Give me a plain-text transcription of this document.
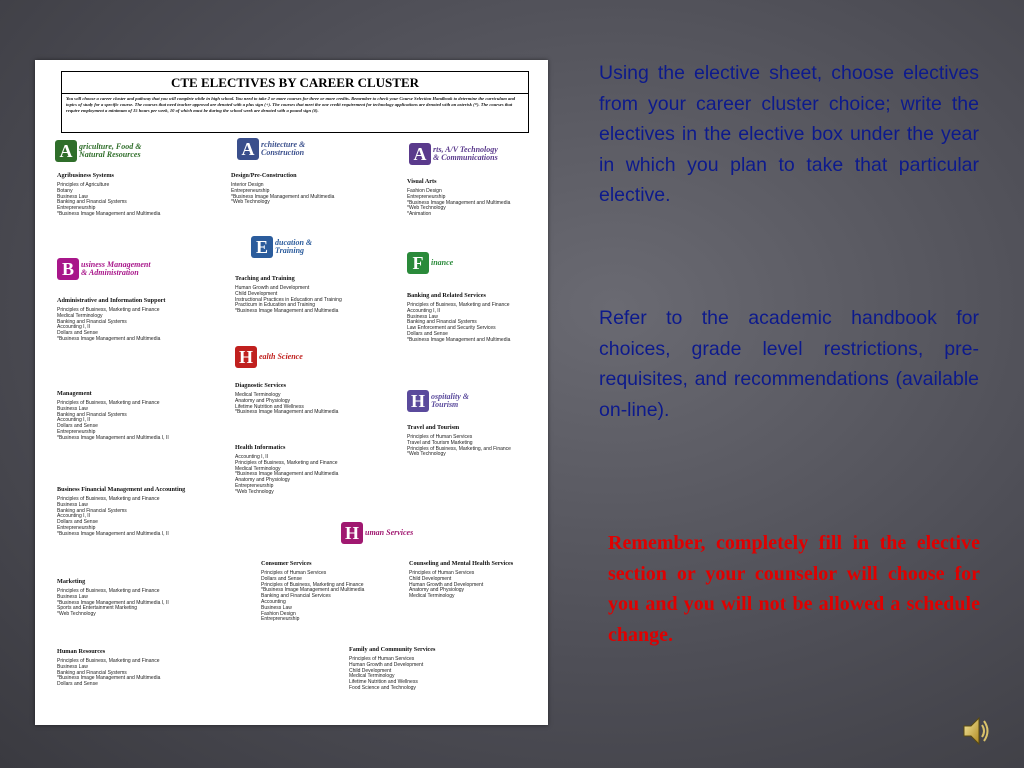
CTE ELECTIVES BY CAREER CLUSTER
You will choose a career cluster and pathway that you will complete while in high school. You need to take 2 or more courses for three or more credits. Remember to check your Course Selection Handbook to determine the curriculum and topics of study for a specific course. The courses that need teacher approval are denoted with a plus sign (+). The courses that meet the one credit requirement for technology applications are denoted with an asterisk (*). The courses that require employment a minimum of 15 hours per week, 10 of which must be during the school week are denoted with a pound sign (#).
A griculture, Food &
Natural Resources	A rchitecture &
Construction	A rts, A/V Technology
& Communications
B usiness Management
& Administration
E ducation &
Training
F inance

H ealth Science

H ospitality &
Tourism
H uman Services

Agribusiness Systems
Principles of Agriculture
Botany
Business Law
Banking and Financial Systems
Entrepreneurship
*Business Image Management and Multimedia
Design/Pre-Construction
Interior Design
Entrepreneurship
*Business Image Management and Multimedia
*Web Technology
Visual Arts
Fashion Design
Entrepreneurship
*Business Image Management and Multimedia
*Web Technology
*Animation
Administrative and Information Support
Principles of Business, Marketing and Finance
Medical Terminology
Banking and Financial Systems
Accounting I, II
Dollars and Sense
*Business Image Management and Multimedia
Teaching and Training
Human Growth and Development
Child Development
Instructional Practices in Education and Training
Practicum in Education and Training
*Business Image Management and Multimedia
Banking and Related Services
Principles of Business, Marketing and Finance
Accounting I, II
Business Law
Banking and Financial Systems
Law Enforcement and Security Services
Dollars and Sense
*Business Image Management and Multimedia
Management
Principles of Business, Marketing and Finance
Business Law
Banking and Financial Systems
Accounting I, II
Dollars and Sense
Entrepreneurship
*Business Image Management and Multimedia I, II
Diagnostic Services
Medical Terminology
Anatomy and Physiology
Lifetime Nutrition and Wellness
*Business Image Management and Multimedia
Travel and Tourism
Principles of Human Services
Travel and Tourism Marketing
Principles of Business, Marketing, and Finance
*Web Technology
Health Informatics
Accounting I, II
Principles of Business, Marketing and Finance
Medical Terminology
*Business Image Management and Multimedia
Anatomy and Physiology
Entrepreneurship
*Web Technology
Business Financial Management and Accounting
Principles of Business, Marketing and Finance
Business Law
Banking and Financial Systems
Accounting I, II
Dollars and Sense
Entrepreneurship
*Business Image Management and Multimedia I, II
Marketing
Principles of Business, Marketing and Finance
Business Law
*Business Image Management and Multimedia I, II
Sports and Entertainment Marketing
*Web Technology
Consumer Services
Principles of Human Services
Dollars and Sense
Principles of Business, Marketing and Finance
*Business Image Management and Multimedia
Banking and Financial Services
Accounting
Business Law
Fashion Design
Entrepreneurship
Counseling and Mental Health Services
Principles of Human Services
Child Development
Human Growth and Development
Anatomy and Physiology
Medical Terminology
Human Resources
Principles of Business, Marketing and Finance
Business Law
Banking and Financial Systems
*Business Image Management and Multimedia
Dollars and Sense
Family and Community Services
Principles of Human Services
Human Growth and Development
Child Development
Medical Terminology
Lifetime Nutrition and Wellness
Food Science and Technology

Using the elective sheet, choose electives from your career cluster choice; write the electives in the elective box under the year in which you plan to take that particular elective.

Refer to the academic handbook for choices, grade level restrictions, pre-requisites, and recommendations (available on-line).

Remember, completely fill in the elective section or your counselor will choose for you and you will not be allowed a schedule change.
